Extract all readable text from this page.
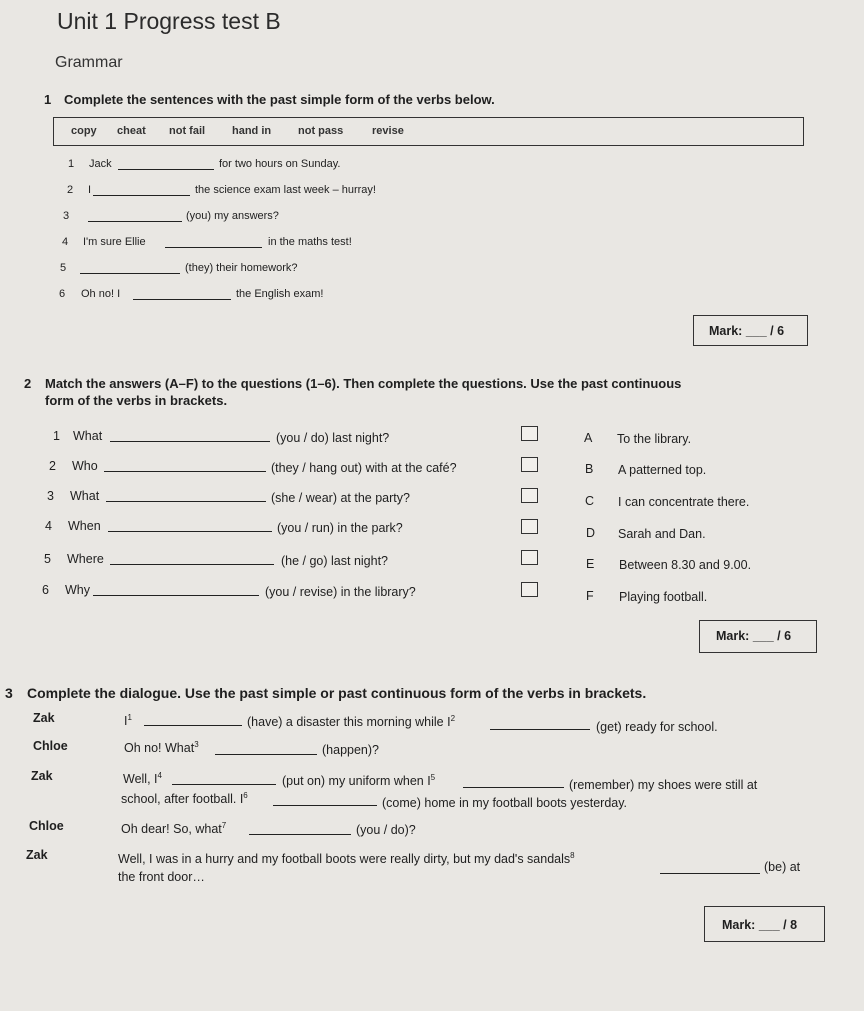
Unit 1 Progress test B
Grammar
1 Complete the sentences with the past simple form of the verbs below.
copy cheat not fail hand in not pass	revise
1 Jack	for two hours on Sunday.
2 I	the science exam last week – hurray!
3	(you) my answers?
4 I'm sure Ellie	in the maths test!
5	(they) their homework?
6 Oh no! I	the English exam!
Mark: ___ / 6
2 Match the answers (A–F) to the questions (1–6). Then complete the questions. Use the past continuous
form of the verbs in brackets.
1 What	(you / do) last night?
2 Who	(they / hang out) with at the café?
3 What	(she / wear) at the party?
4 When	(you / run) in the park?
5 Where	(he / go) last night?
6 Why	(you / revise) in the library?
A To the library.
B A patterned top.
C I can concentrate there.
D Sarah and Dan.
E Between 8.30 and 9.00.
F Playing football.
Mark: ___ / 6
3 Complete the dialogue. Use the past simple or past continuous form of the verbs in brackets.
Zak	$I^1$	(have) a disaster this morning while $I^2$
(get) ready for school.
Chloe	Oh no! What$^3$	(happen)?
Zak	Well, $I^4$	(put on) my uniform when $I^5$
(remember) my shoes were still at
school, after football. $I^6$
(come) home in my football boots yesterday.
Chloe	Oh dear! So, what$^7$	(you / do)?
Zak	Well, I was in a hurry and my football boots were really dirty, but my dad's sandals$^8$
(be) at
the front door…
Mark: ___ / 8
